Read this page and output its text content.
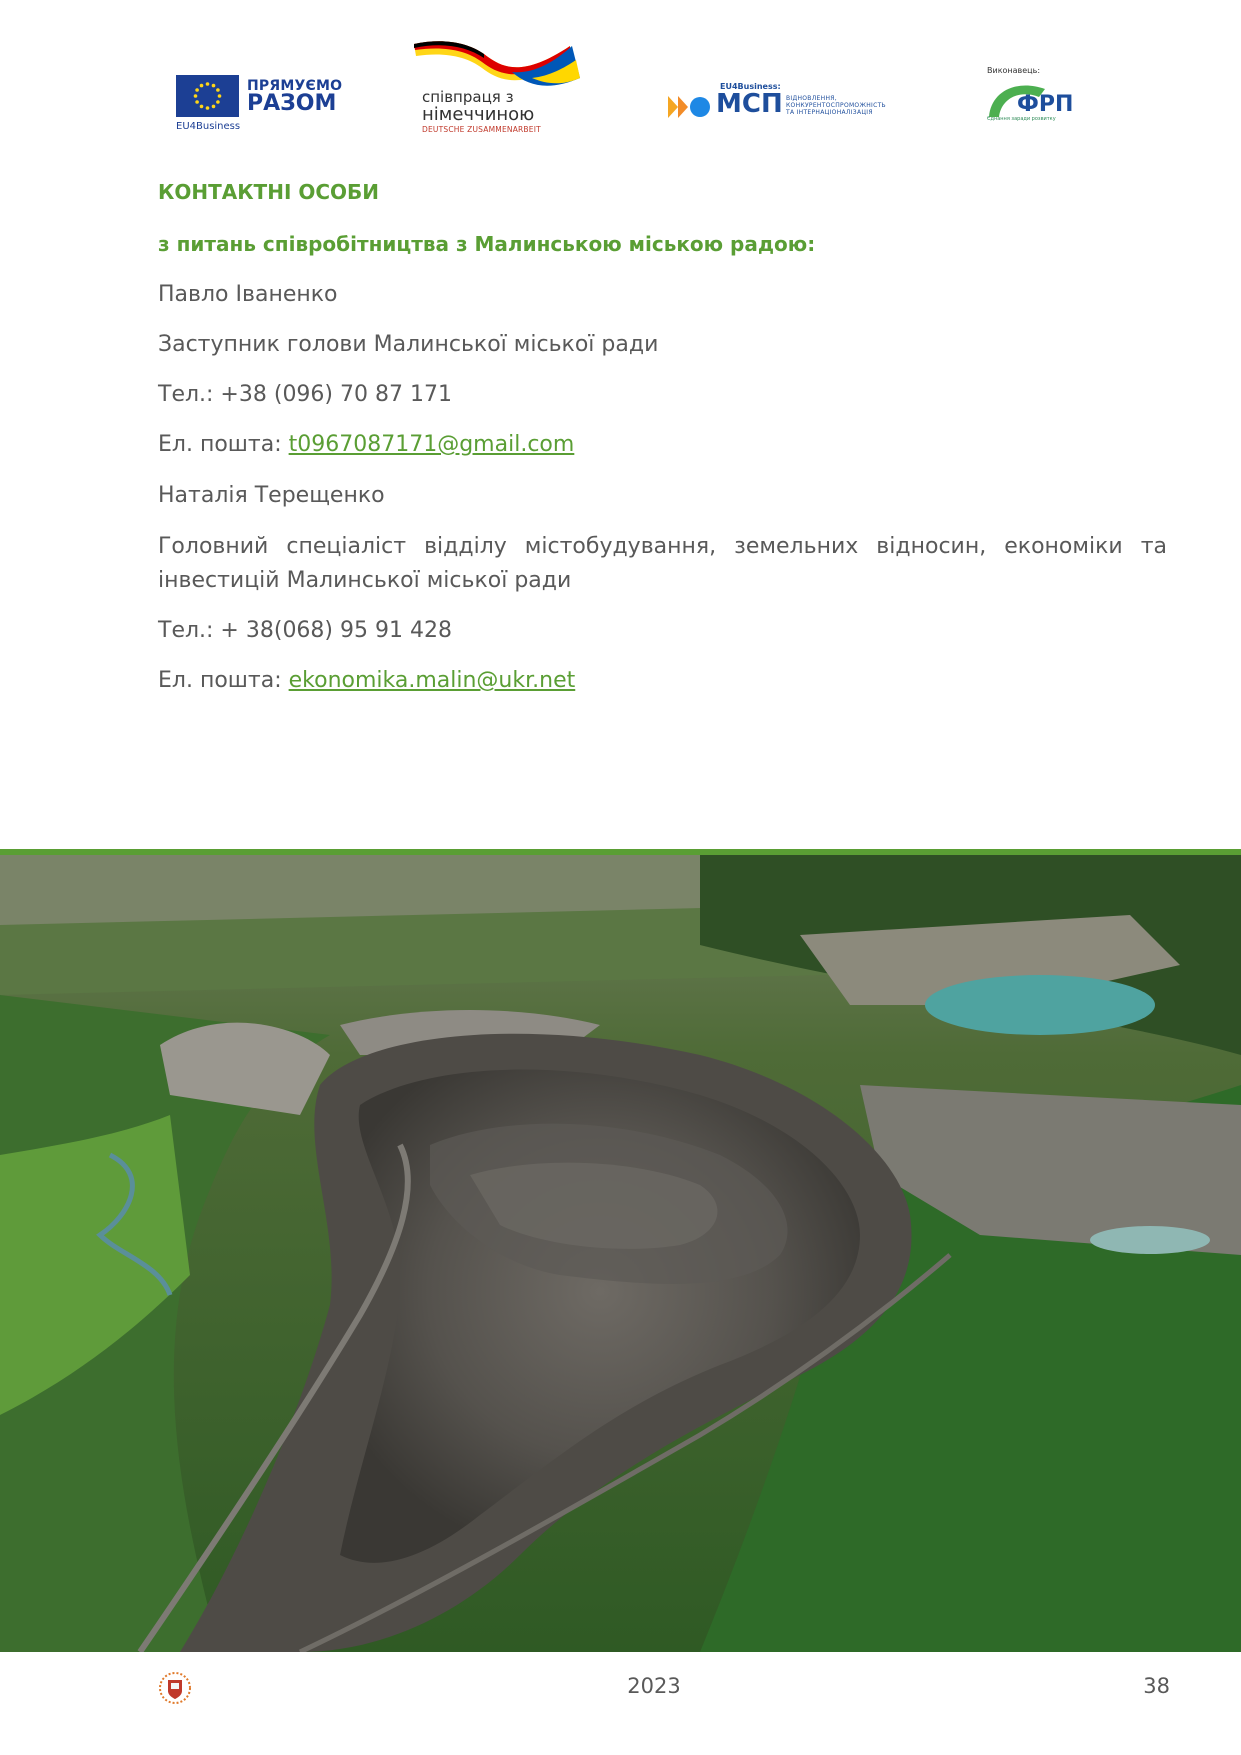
ПРЯМУЄМО
РАЗОМ
EU4Business
співпраця з
німеччиною
DEUTSCHE ZUSAMMENARBEIT
EU4Business:
МСП ВІДНОВЛЕННЯ,
КОНКУРЕНТОСПРОМОЖНІСТЬ
ТА ІНТЕРНАЦІОНАЛІЗАЦІЯ
Виконавець:
ФРП
Єднання заради розвитку
КОНТАКТНІ ОСОБИ
з питань співробітництва з Малинською міською радою:
Павло Іваненко
Заступник голови Малинської міської ради
Тел.: +38 (096) 70 87 171
Ел. пошта: t0967087171@gmail.com
Наталія Терещенко
Головний спеціаліст відділу містобудування, земельних відносин, економіки та інвестицій Малинської міської ради
Тел.: + 38(068) 95 91 428
Ел. пошта: ekonomika.malin@ukr.net
2023	38
